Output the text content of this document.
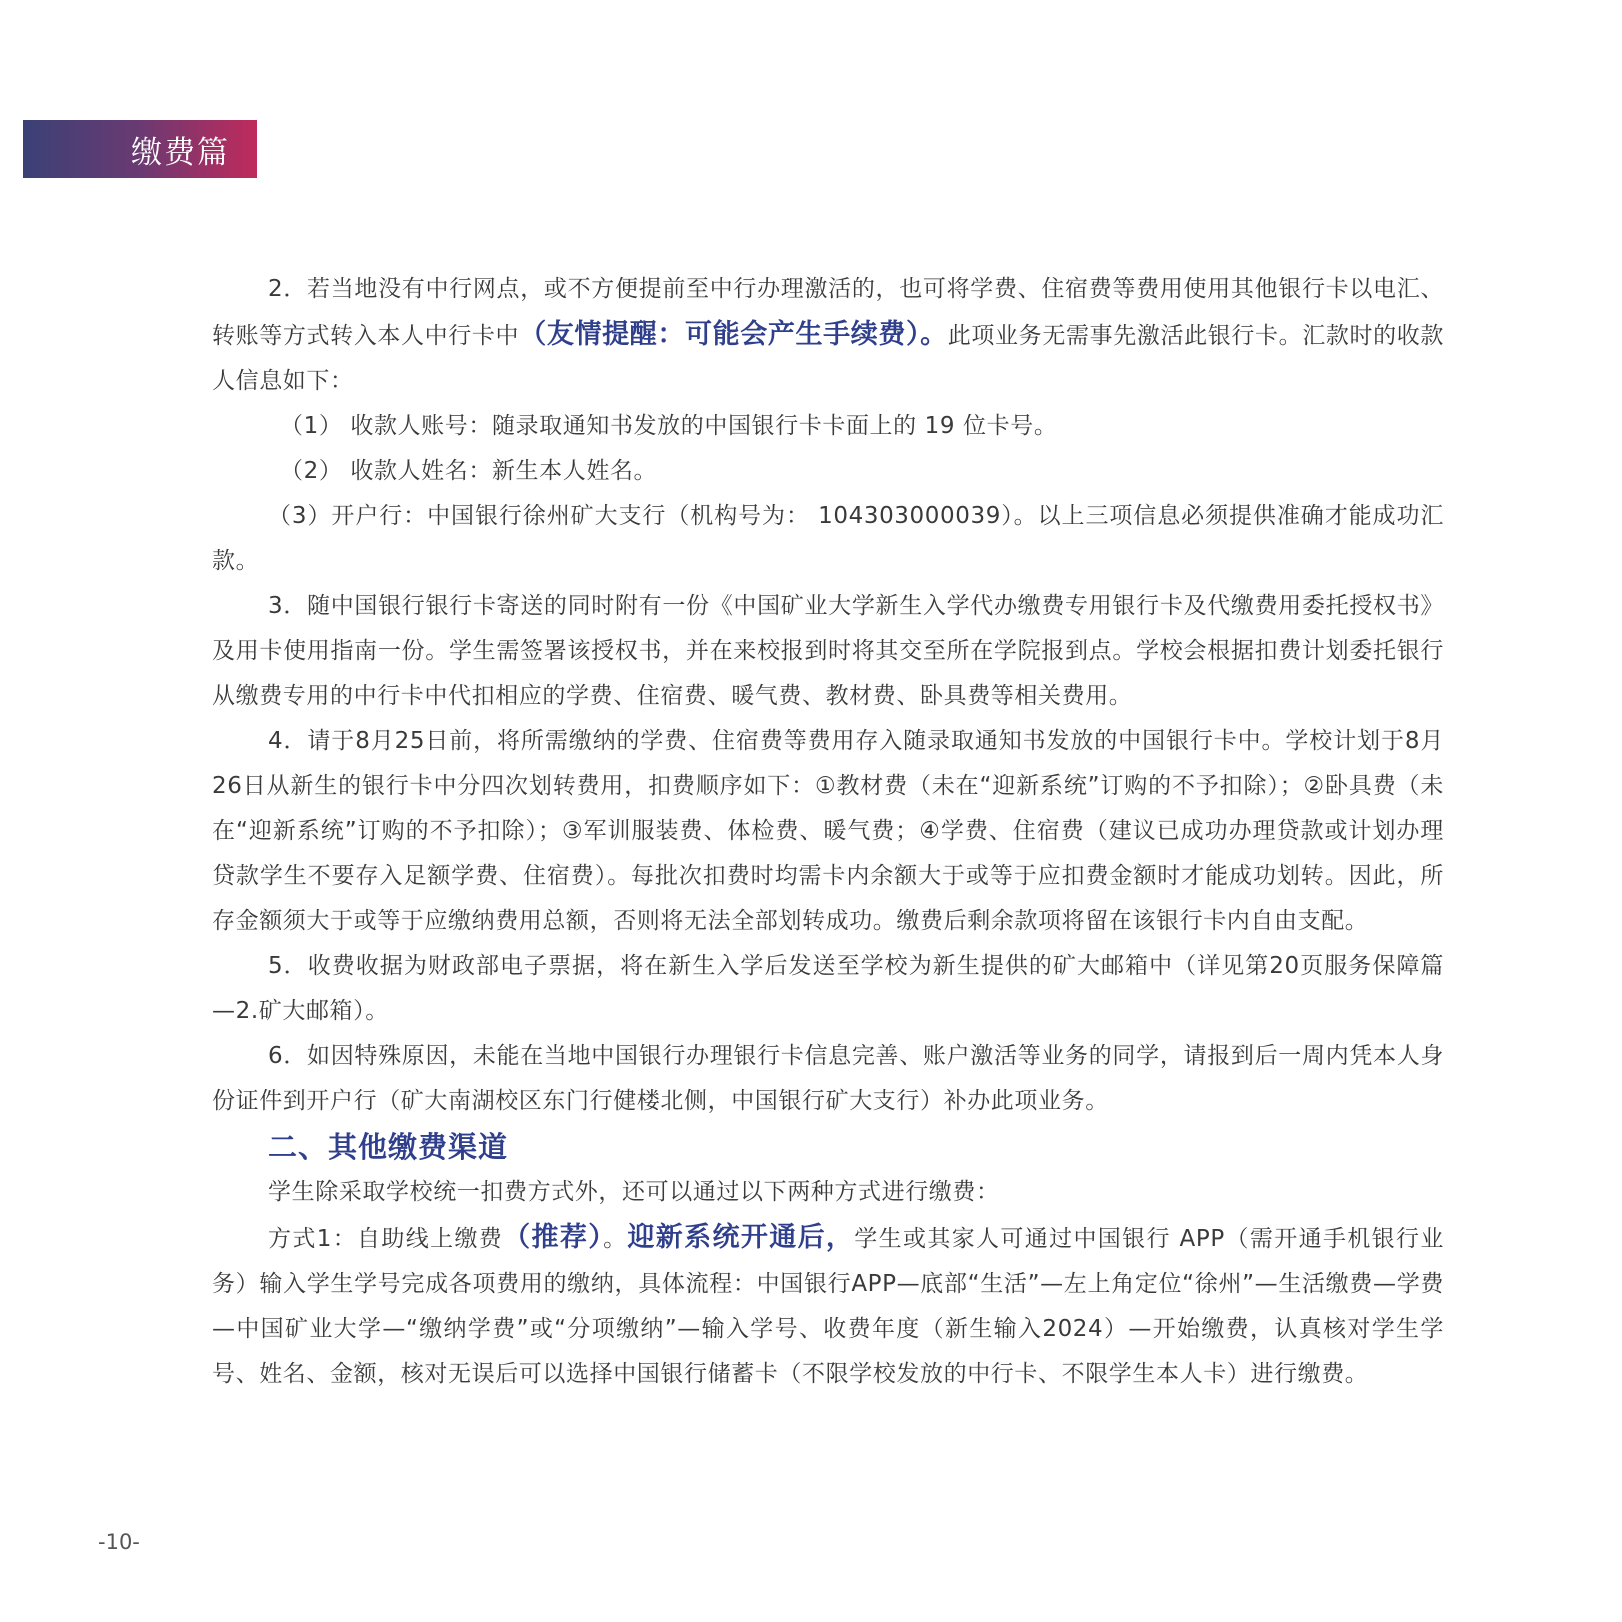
缴费篇

2．若当地没有中行网点，或不方便提前至中行办理激活的，也可将学费、住宿费等费用使用其他银行卡以电汇、转账等方式转入本人中行卡中（友情提醒：可能会产生手续费）。此项业务无需事先激活此银行卡。汇款时的收款人信息如下：

（1） 收款人账号：随录取通知书发放的中国银行卡卡面上的 19 位卡号。

（2） 收款人姓名：新生本人姓名。

（3）开户行：中国银行徐州矿大支行（机构号为： 104303000039）。以上三项信息必须提供准确才能成功汇款。

3．随中国银行银行卡寄送的同时附有一份《中国矿业大学新生入学代办缴费专用银行卡及代缴费用委托授权书》及用卡使用指南一份。学生需签署该授权书，并在来校报到时将其交至所在学院报到点。学校会根据扣费计划委托银行从缴费专用的中行卡中代扣相应的学费、住宿费、暖气费、教材费、卧具费等相关费用。

4．请于8月25日前，将所需缴纳的学费、住宿费等费用存入随录取通知书发放的中国银行卡中。学校计划于8月26日从新生的银行卡中分四次划转费用，扣费顺序如下：①教材费（未在“迎新系统”订购的不予扣除）；②卧具费（未在“迎新系统”订购的不予扣除）；③军训服装费、体检费、暖气费；④学费、住宿费（建议已成功办理贷款或计划办理贷款学生不要存入足额学费、住宿费）。每批次扣费时均需卡内余额大于或等于应扣费金额时才能成功划转。因此，所存金额须大于或等于应缴纳费用总额，否则将无法全部划转成功。缴费后剩余款项将留在该银行卡内自由支配。

5．收费收据为财政部电子票据，将在新生入学后发送至学校为新生提供的矿大邮箱中（详见第20页服务保障篇—2.矿大邮箱）。

6．如因特殊原因，未能在当地中国银行办理银行卡信息完善、账户激活等业务的同学，请报到后一周内凭本人身份证件到开户行（矿大南湖校区东门行健楼北侧，中国银行矿大支行）补办此项业务。

二、其他缴费渠道

学生除采取学校统一扣费方式外，还可以通过以下两种方式进行缴费：

方式1：自助线上缴费（推荐）。迎新系统开通后，学生或其家人可通过中国银行 APP（需开通手机银行业务）输入学生学号完成各项费用的缴纳，具体流程：中国银行APP—底部“生活”—左上角定位“徐州”—生活缴费—学费—中国矿业大学—“缴纳学费”或“分项缴纳”—输入学号、收费年度（新生输入2024）—开始缴费，认真核对学生学号、姓名、金额，核对无误后可以选择中国银行储蓄卡（不限学校发放的中行卡、不限学生本人卡）进行缴费。

-10-
